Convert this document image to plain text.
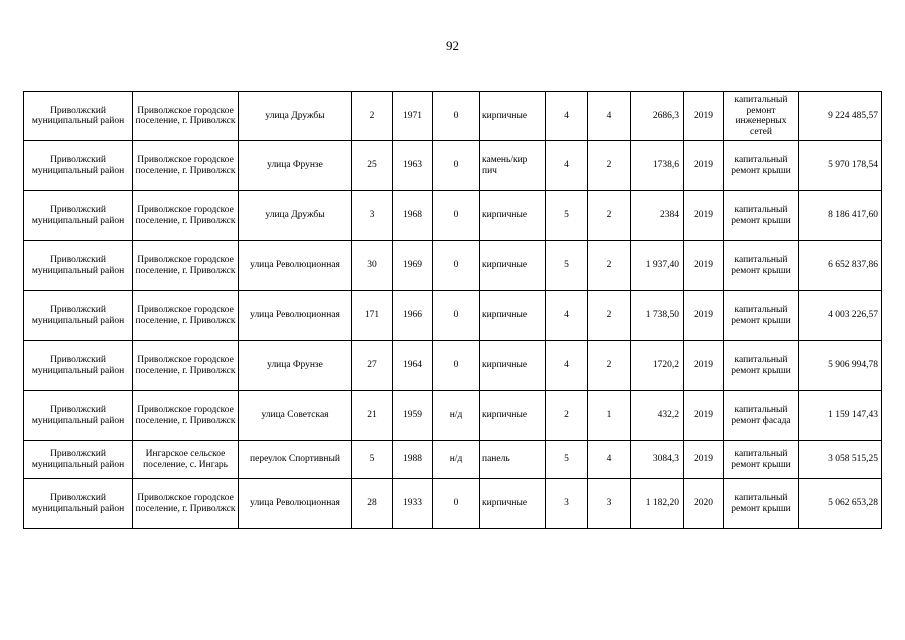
92
Приволжский муниципальный район	Приволжское городское поселение, г. Приволжск	улица Дружбы	2	1971	0	кирпичные	4	4	2686,3	2019	капитальный ремонт инженерных сетей	9 224 485,57
Приволжский муниципальный район	Приволжское городское поселение, г. Приволжск	улица Фрунзе	25	1963	0	камень/кир пич	4	2	1738,6	2019	капитальный ремонт крыши	5 970 178,54
Приволжский муниципальный район	Приволжское городское поселение, г. Приволжск	улица Дружбы	3	1968	0	кирпичные	5	2	2384	2019	капитальный ремонт крыши	8 186 417,60
Приволжский муниципальный район	Приволжское городское поселение, г. Приволжск	улица Революционная	30	1969	0	кирпичные	5	2	1 937,40	2019	капитальный ремонт крыши	6 652 837,86
Приволжский муниципальный район	Приволжское городское поселение, г. Приволжск	улица Революционная	171	1966	0	кирпичные	4	2	1 738,50	2019	капитальный ремонт крыши	4 003 226,57
Приволжский муниципальный район	Приволжское городское поселение, г. Приволжск	улица Фрунзе	27	1964	0	кирпичные	4	2	1720,2	2019	капитальный ремонт крыши	5 906 994,78
Приволжский муниципальный район	Приволжское городское поселение, г. Приволжск	улица Советская	21	1959	н/д	кирпичные	2	1	432,2	2019	капитальный ремонт фасада	1 159 147,43
Приволжский муниципальный район	Ингарское сельское поселение, с. Ингарь	переулок Спортивный	5	1988	н/д	панель	5	4	3084,3	2019	капитальный ремонт крыши	3 058 515,25
Приволжский муниципальный район	Приволжское городское поселение, г. Приволжск	улица Революционная	28	1933	0	кирпичные	3	3	1 182,20	2020	капитальный ремонт крыши	5 062 653,28
